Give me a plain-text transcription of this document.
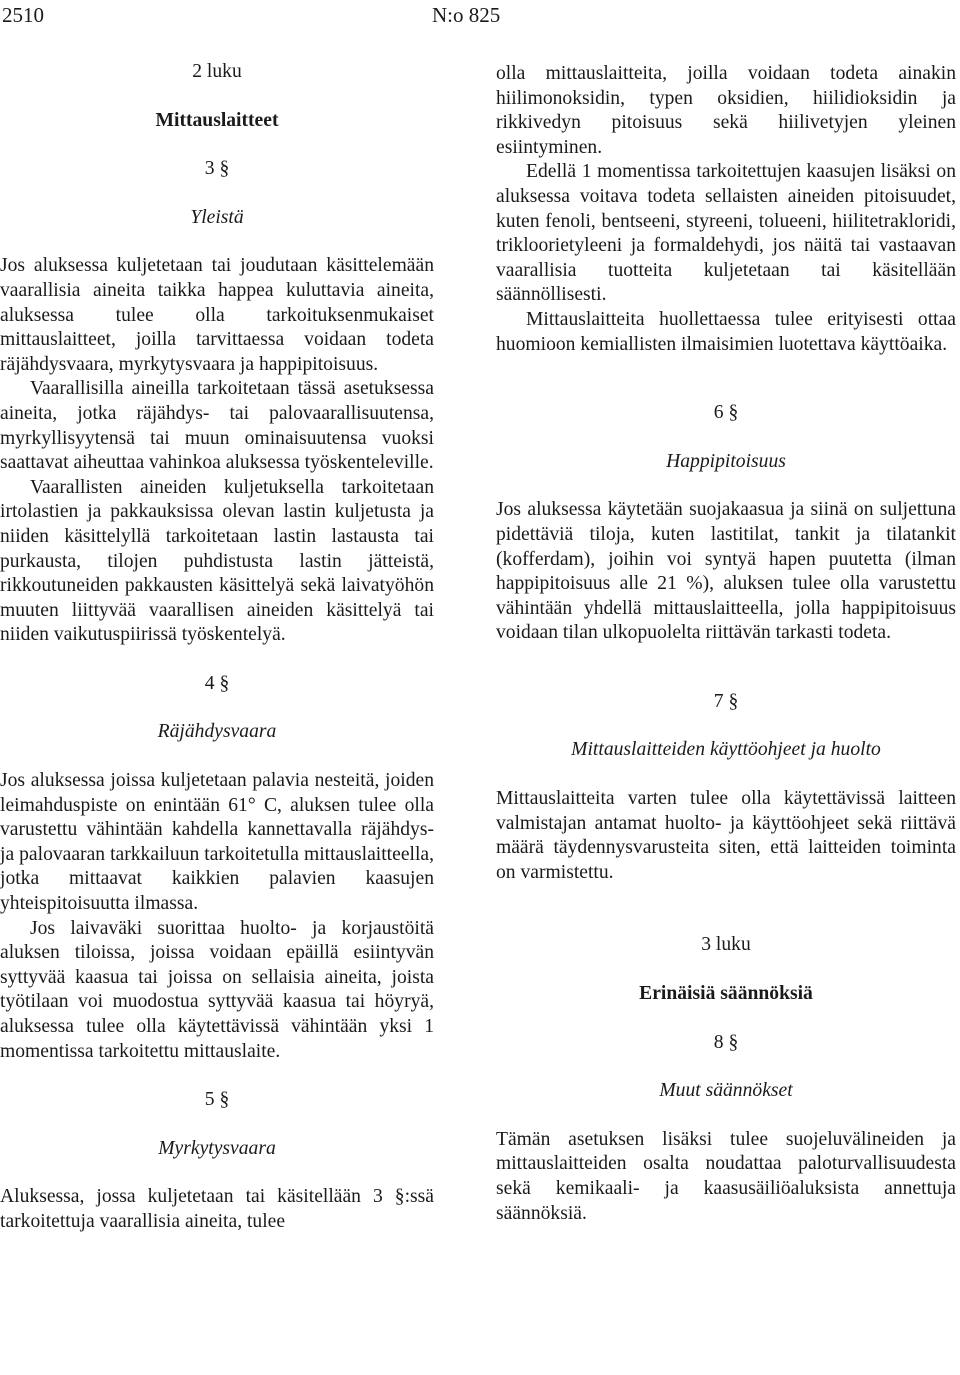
2510	N:o 825

2 luku

Mittauslaitteet

3 §

Yleistä

Jos aluksessa kuljetetaan tai joudutaan käsittelemään vaarallisia aineita taikka happea kuluttavia aineita, aluksessa tulee olla tarkoituksenmukaiset mittauslaitteet, joilla tarvittaessa voidaan todeta räjähdysvaara, myrkytysvaara ja happipitoisuus.

Vaarallisilla aineilla tarkoitetaan tässä asetuksessa aineita, jotka räjähdys- tai palovaarallisuutensa, myrkyllisyytensä tai muun ominaisuutensa vuoksi saattavat aiheuttaa vahinkoa aluksessa työskenteleville.

Vaarallisten aineiden kuljetuksella tarkoitetaan irtolastien ja pakkauksissa olevan lastin kuljetusta ja niiden käsittelyllä tarkoitetaan lastin lastausta tai purkausta, tilojen puhdistusta lastin jätteistä, rikkoutuneiden pakkausten käsittelyä sekä laivatyöhön muuten liittyvää vaarallisen aineiden käsittelyä tai niiden vaikutuspiirissä työskentelyä.

4 §

Räjähdysvaara

Jos aluksessa joissa kuljetetaan palavia nesteitä, joiden leimahduspiste on enintään 61° C, aluksen tulee olla varustettu vähintään kahdella kannettavalla räjähdys- ja palovaaran tarkkailuun tarkoitetulla mittauslaitteella, jotka mittaavat kaikkien palavien kaasujen yhteispitoisuutta ilmassa.

Jos laivaväki suorittaa huolto- ja korjaustöitä aluksen tiloissa, joissa voidaan epäillä esiintyvän syttyvää kaasua tai joissa on sellaisia aineita, joista työtilaan voi muodostua syttyvää kaasua tai höyryä, aluksessa tulee olla käytettävissä vähintään yksi 1 momentissa tarkoitettu mittauslaite.

5 §

Myrkytysvaara

Aluksessa, jossa kuljetetaan tai käsitellään 3 §:ssä tarkoitettuja vaarallisia aineita, tulee

olla mittauslaitteita, joilla voidaan todeta ainakin hiilimonoksidin, typen oksidien, hiilidioksidin ja rikkivedyn pitoisuus sekä hiilivetyjen yleinen esiintyminen.

Edellä 1 momentissa tarkoitettujen kaasujen lisäksi on aluksessa voitava todeta sellaisten aineiden pitoisuudet, kuten fenoli, bentseeni, styreeni, tolueeni, hiilitetrakloridi, trikloorietyleeni ja formaldehydi, jos näitä tai vastaavan vaarallisia tuotteita kuljetetaan tai käsitellään säännöllisesti.

Mittauslaitteita huollettaessa tulee erityisesti ottaa huomioon kemiallisten ilmaisimien luotettava käyttöaika.

6 §

Happipitoisuus

Jos aluksessa käytetään suojakaasua ja siinä on suljettuna pidettäviä tiloja, kuten lastitilat, tankit ja tilatankit (kofferdam), joihin voi syntyä hapen puutetta (ilman happipitoisuus alle 21 %), aluksen tulee olla varustettu vähintään yhdellä mittauslaitteella, jolla happipitoisuus voidaan tilan ulkopuolelta riittävän tarkasti todeta.

7 §

Mittauslaitteiden käyttöohjeet ja huolto

Mittauslaitteita varten tulee olla käytettävissä laitteen valmistajan antamat huolto- ja käyttöohjeet sekä riittävä määrä täydennysvarusteita siten, että laitteiden toiminta on varmistettu.

3 luku

Erinäisiä säännöksiä

8 §

Muut säännökset

Tämän asetuksen lisäksi tulee suojeluvälineiden ja mittauslaitteiden osalta noudattaa paloturvallisuudesta sekä kemikaali- ja kaasusäiliöaluksista annettuja säännöksiä.
